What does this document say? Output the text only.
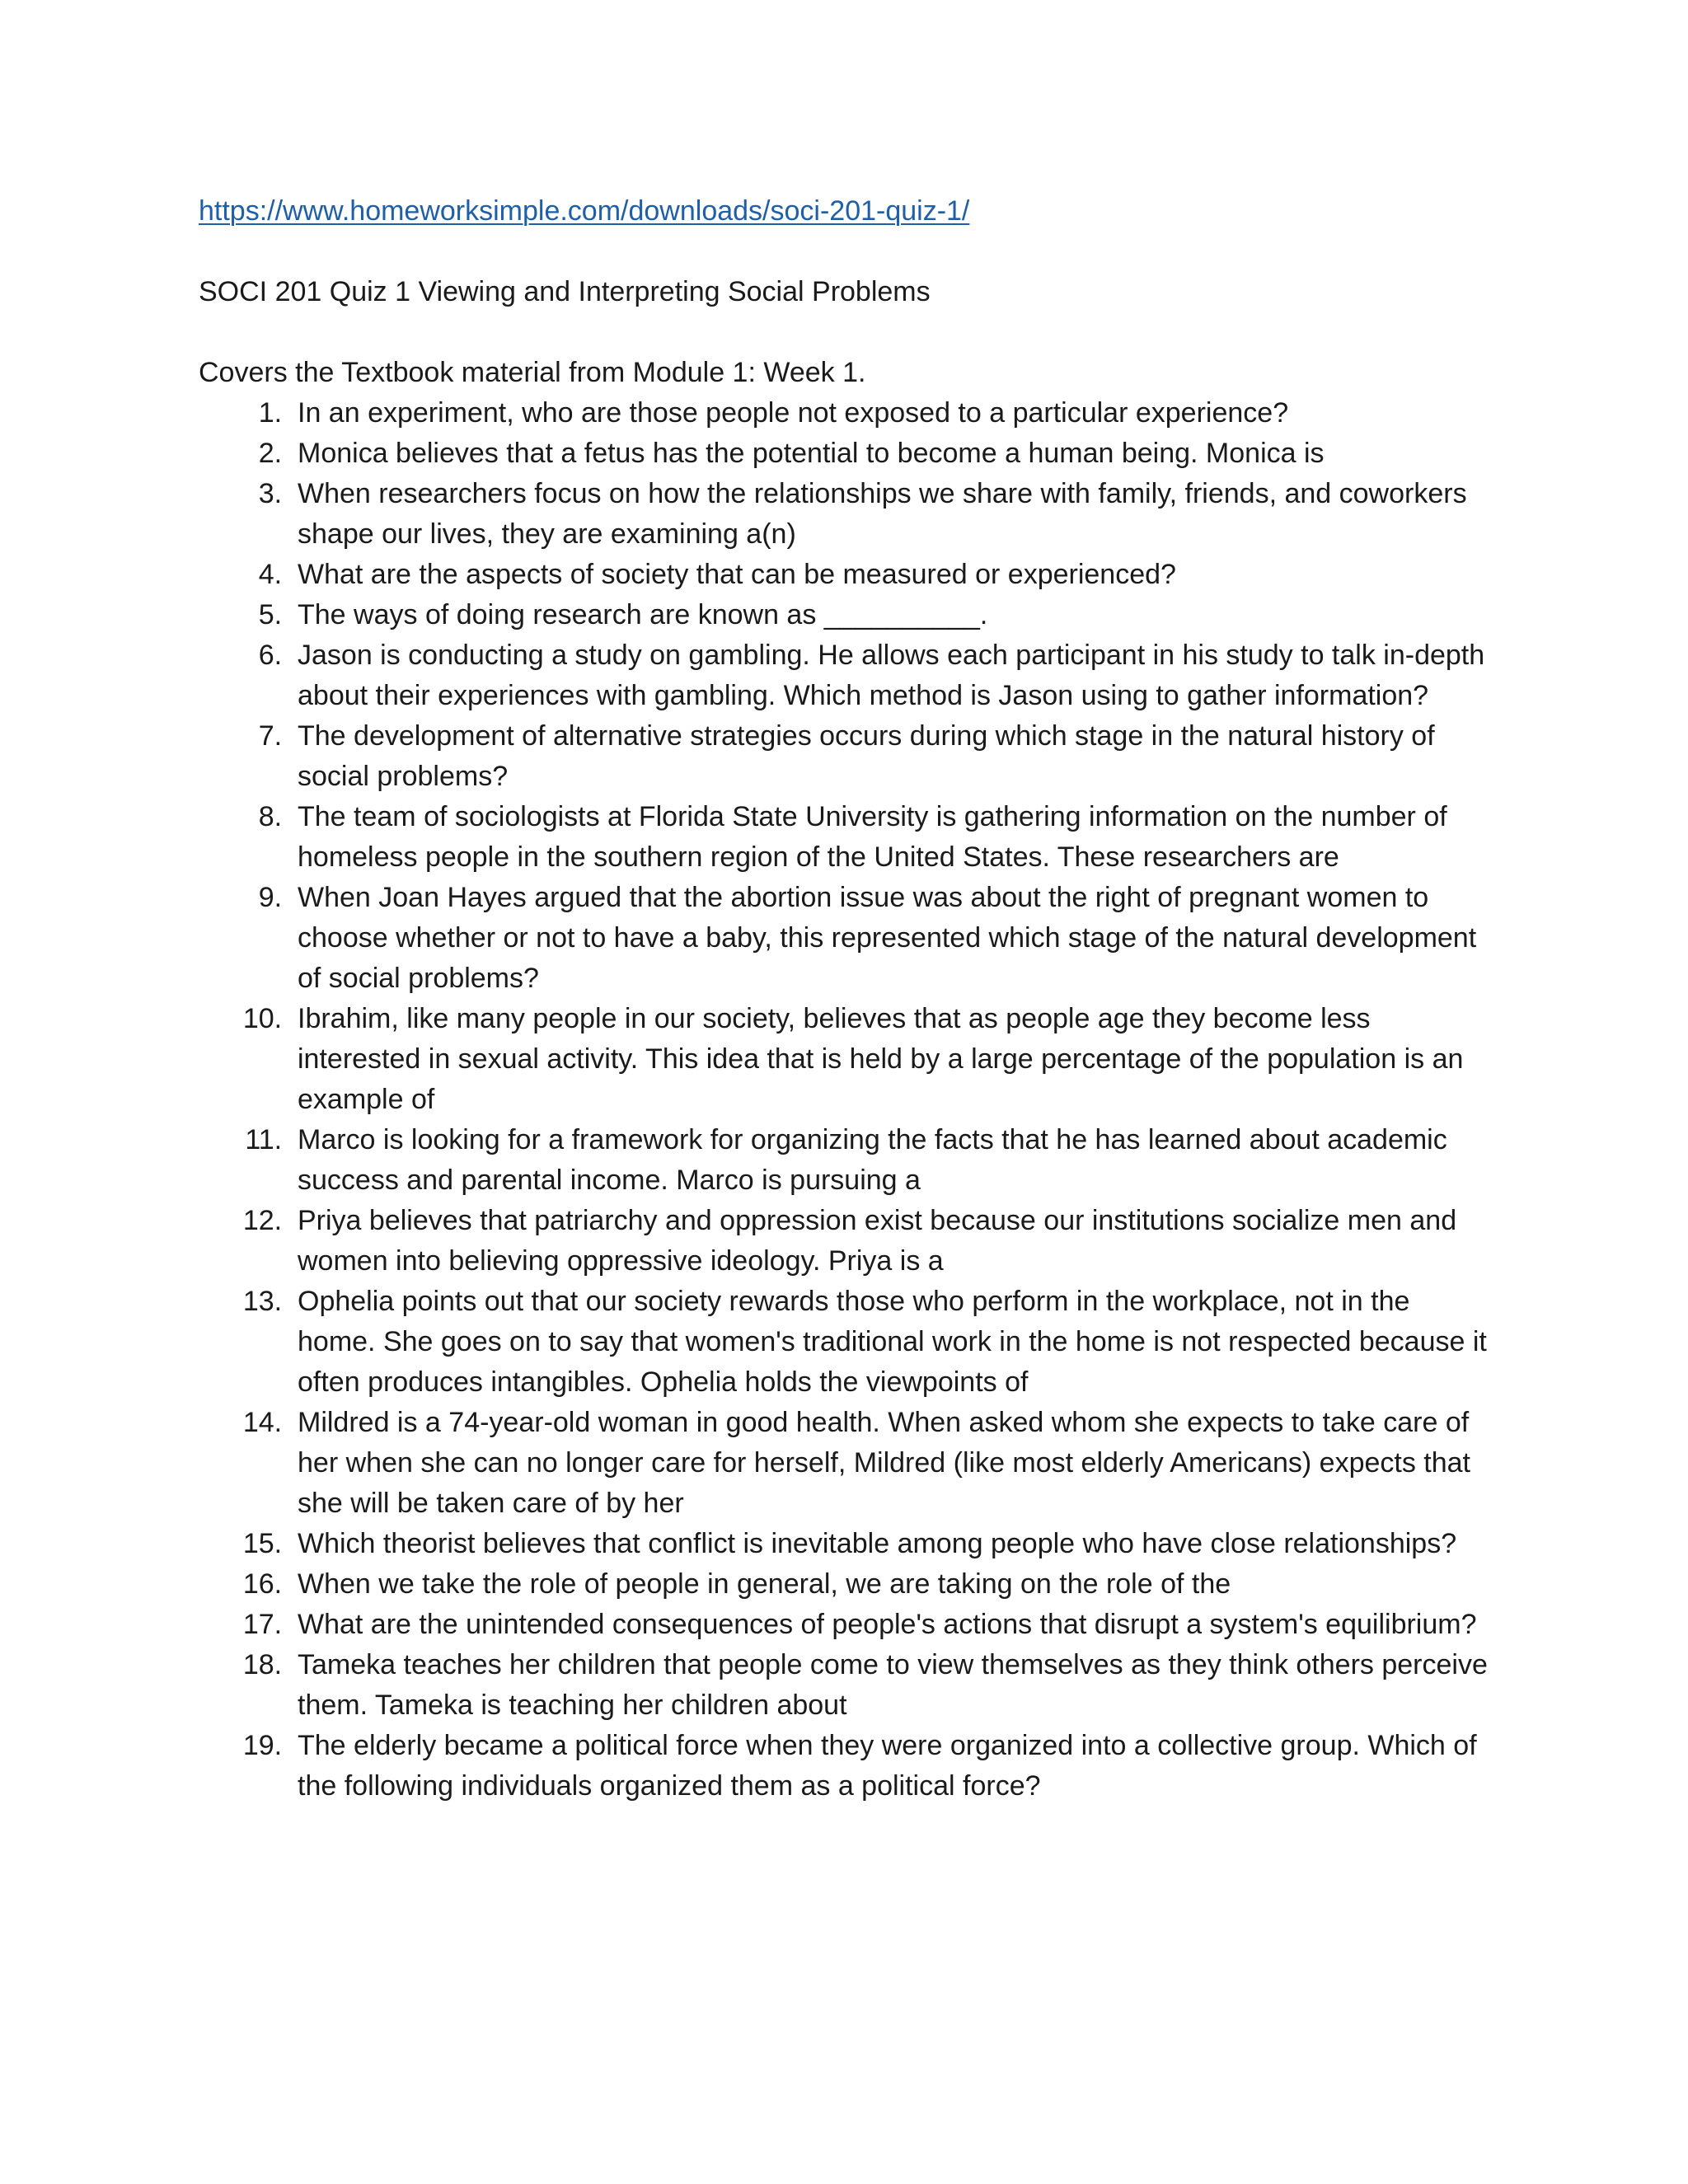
https://www.homeworksimple.com/downloads/soci-201-quiz-1/
SOCI 201 Quiz 1 Viewing and Interpreting Social Problems
Covers the Textbook material from Module 1: Week 1.
1. In an experiment, who are those people not exposed to a particular experience?
2. Monica believes that a fetus has the potential to become a human being. Monica is
3. When researchers focus on how the relationships we share with family, friends, and coworkers shape our lives, they are examining a(n)
4. What are the aspects of society that can be measured or experienced?
5. The ways of doing research are known as __________.
6. Jason is conducting a study on gambling. He allows each participant in his study to talk in-depth about their experiences with gambling. Which method is Jason using to gather information?
7. The development of alternative strategies occurs during which stage in the natural history of social problems?
8. The team of sociologists at Florida State University is gathering information on the number of homeless people in the southern region of the United States. These researchers are
9. When Joan Hayes argued that the abortion issue was about the right of pregnant women to choose whether or not to have a baby, this represented which stage of the natural development of social problems?
10. Ibrahim, like many people in our society, believes that as people age they become less interested in sexual activity. This idea that is held by a large percentage of the population is an example of
11. Marco is looking for a framework for organizing the facts that he has learned about academic success and parental income. Marco is pursuing a
12. Priya believes that patriarchy and oppression exist because our institutions socialize men and women into believing oppressive ideology. Priya is a
13. Ophelia points out that our society rewards those who perform in the workplace, not in the home. She goes on to say that women's traditional work in the home is not respected because it often produces intangibles. Ophelia holds the viewpoints of
14. Mildred is a 74-year-old woman in good health. When asked whom she expects to take care of her when she can no longer care for herself, Mildred (like most elderly Americans) expects that she will be taken care of by her
15. Which theorist believes that conflict is inevitable among people who have close relationships?
16. When we take the role of people in general, we are taking on the role of the
17. What are the unintended consequences of people's actions that disrupt a system's equilibrium?
18. Tameka teaches her children that people come to view themselves as they think others perceive them. Tameka is teaching her children about
19. The elderly became a political force when they were organized into a collective group. Which of the following individuals organized them as a political force?
